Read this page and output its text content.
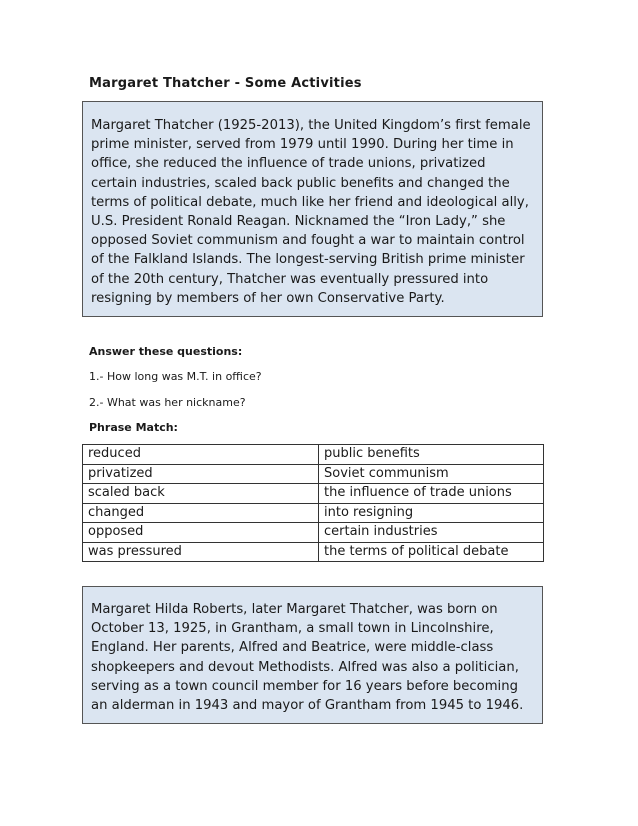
Margaret Thatcher - Some Activities
Margaret Thatcher (1925-2013), the United Kingdom’s first female prime minister, served from 1979 until 1990. During her time in office, she reduced the influence of trade unions, privatized certain industries, scaled back public benefits and changed the terms of political debate, much like her friend and ideological ally, U.S. President Ronald Reagan. Nicknamed the “Iron Lady,” she opposed Soviet communism and fought a war to maintain control of the Falkland Islands. The longest-serving British prime minister of the 20th century, Thatcher was eventually pressured into resigning by members of her own Conservative Party.
Answer these questions:
1.- How long was M.T. in office?
2.- What was her nickname?
Phrase Match:
reduced	public benefits
privatized	Soviet communism
scaled back	the influence of trade unions
changed	into resigning
opposed	certain industries
was pressured	the terms of political debate
Margaret Hilda Roberts, later Margaret Thatcher, was born on October 13, 1925, in Grantham, a small town in Lincolnshire, England. Her parents, Alfred and Beatrice, were middle-class shopkeepers and devout Methodists. Alfred was also a politician, serving as a town council member for 16 years before becoming an alderman in 1943 and mayor of Grantham from 1945 to 1946.
